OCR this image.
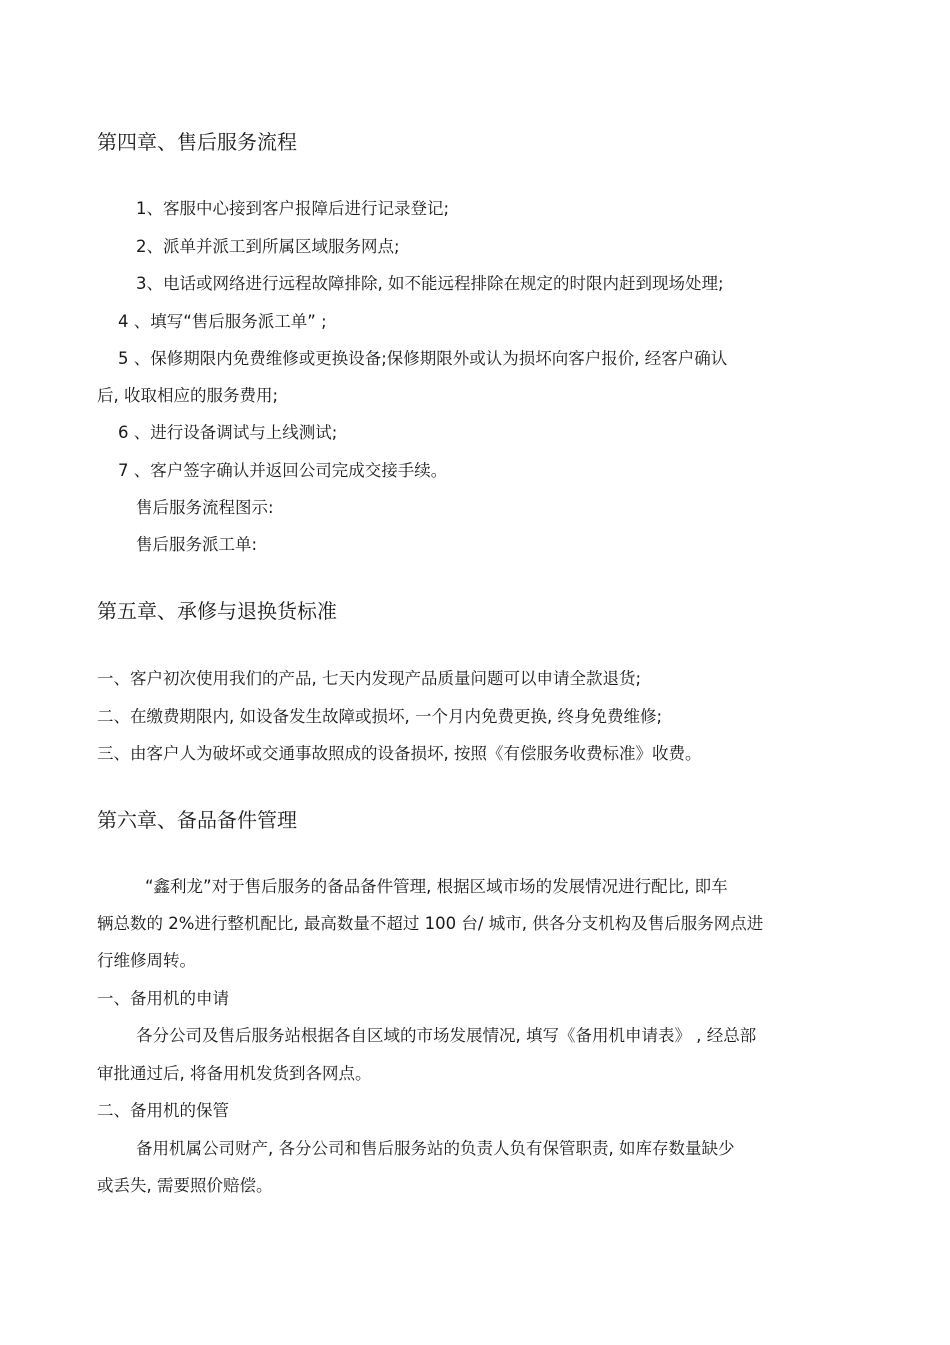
第四章、售后服务流程
1、客服中心接到客户报障后进行记录登记;
2、派单并派工到所属区域服务网点;
3、电话或网络进行远程故障排除, 如不能远程排除在规定的时限内赶到现场处理;
4 、填写“售后服务派工单” ;
5 、保修期限内免费维修或更换设备;保修期限外或认为损坏向客户报价, 经客户确认
后, 收取相应的服务费用;
6 、进行设备调试与上线测试;
7 、客户签字确认并返回公司完成交接手续。
售后服务流程图示:
售后服务派工单:
第五章、承修与退换货标准
一、客户初次使用我们的产品, 七天内发现产品质量问题可以申请全款退货;
二、在缴费期限内, 如设备发生故障或损坏, 一个月内免费更换, 终身免费维修;
三、由客户人为破坏或交通事故照成的设备损坏, 按照《有偿服务收费标准》收费。
第六章、备品备件管理
“鑫利龙”对于售后服务的备品备件管理, 根据区域市场的发展情况进行配比, 即车
辆总数的 2%进行整机配比, 最高数量不超过 100 台/ 城市, 供各分支机构及售后服务网点进
行维修周转。
一、备用机的申请
各分公司及售后服务站根据各自区域的市场发展情况, 填写《备用机申请表》 , 经总部
审批通过后, 将备用机发货到各网点。
二、备用机的保管
备用机属公司财产, 各分公司和售后服务站的负责人负有保管职责, 如库存数量缺少
或丢失, 需要照价赔偿。
